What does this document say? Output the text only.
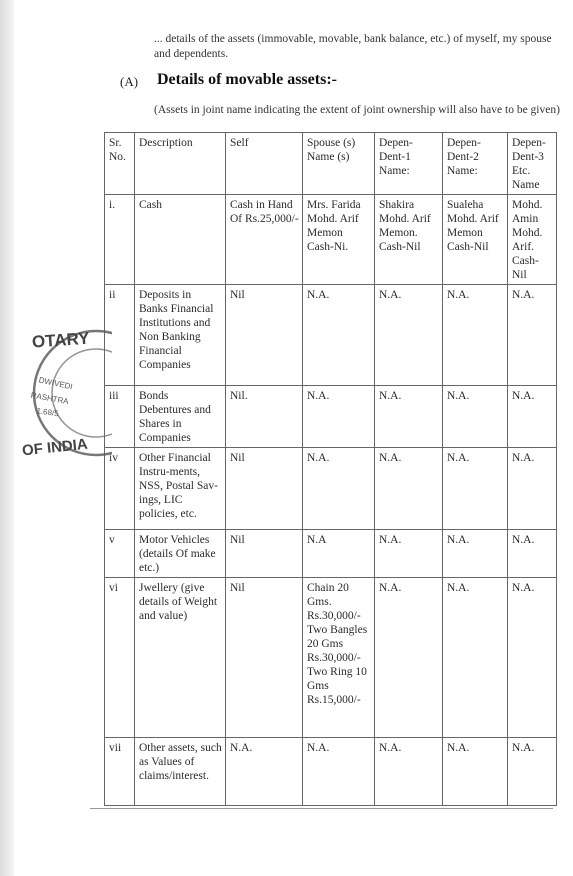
... details of the assets (immovable, movable, bank balance, etc.) of myself, my spouse and dependents.
(A) Details of movable assets:-
(Assets in joint name indicating the extent of joint ownership will also have to be given)
Sr. No.	Description	Self	Spouse (s) Name (s)	Depen-Dent-1 Name:	Depen-Dent-2 Name:	Depen-Dent-3 Etc. Name
i.	Cash	Cash in Hand Of Rs.25,000/-	Mrs. Farida Mohd. Arif Memon Cash-Ni.	Shakira Mohd. Arif Memon. Cash-Nil	Sualeha Mohd. Arif Memon Cash-Nil	Mohd. Amin Mohd. Arif. Cash-Nil
ii	Deposits in Banks Financial Institutions and Non Banking Financial Companies	Nil	N.A.	N.A.	N.A.	N.A.
iii	Bonds Debentures and Shares in Companies	Nil.	N.A.	N.A.	N.A.	N.A.
iv	Other Financial Instru-ments, NSS, Postal Sav-ings, LIC policies, etc.	Nil	N.A.	N.A.	N.A.	N.A.
v	Motor Vehicles (details Of make etc.)	Nil	N.A	N.A.	N.A.	N.A.
vi	Jwellery (give details of Weight and value)	Nil	Chain 20 Gms. Rs.30,000/- Two Bangles 20 Gms Rs.30,000/- Two Ring 10 Gms Rs.15,000/-	N.A.	N.A.	N.A.
vii	Other assets, such as Values of claims/interest.	N.A.	N.A.	N.A.	N.A.	N.A.
OTARY
DWIVEDI
RASHTRA
1.68/5
OF INDIA
